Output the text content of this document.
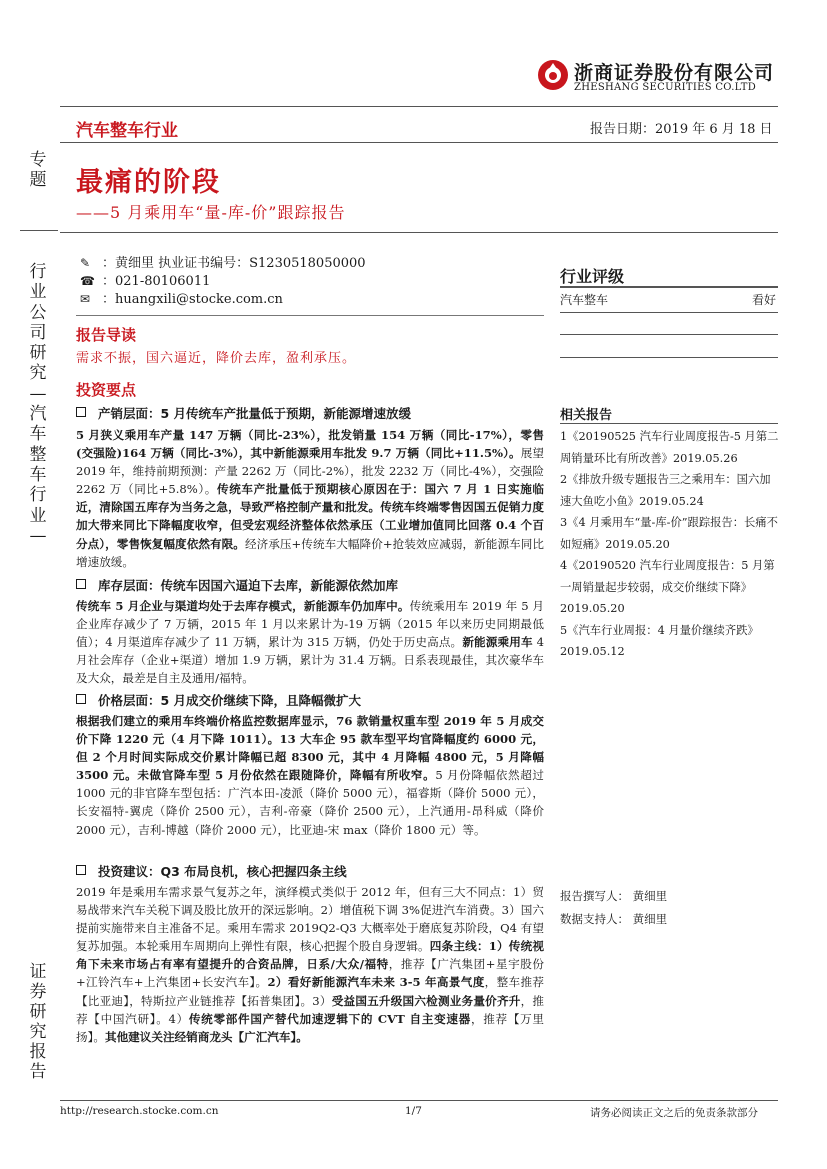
浙商证券股份有限公司
ZHESHANG SECURITIES CO.LTD
汽车整车行业	报告日期：2019 年 6 月 18 日
专题
行业公司研究—汽车整车行业—
证券研究报告
最痛的阶段
——5 月乘用车“量-库-价”跟踪报告
✎ ：黄细里 执业证书编号：S1230518050000
☎ ：021-80106011
✉ ：huangxili@stocke.com.cn
行业评级
汽车整车	看好
报告导读
需求不振，国六逼近，降价去库，盈利承压。
投资要点
产销层面：5 月传统车产批量低于预期，新能源增速放缓
5 月狭义乘用车产量 147 万辆（同比-23%），批发销量 154 万辆（同比-17%），零售(交强险)164 万辆（同比-3%），其中新能源乘用车批发 9.7 万辆（同比+11.5%）。展望 2019 年，维持前期预测：产量 2262 万（同比-2%），批发 2232 万（同比-4%），交强险 2262 万（同比+5.8%）。传统车产批量低于预期核心原因在于：国六 7 月 1 日实施临近，清除国五库存为当务之急，导致严格控制产量和批发。传统车终端零售因国五促销力度加大带来同比下降幅度收窄，但受宏观经济整体依然承压（工业增加值同比回落 0.4 个百分点），零售恢复幅度依然有限。经济承压+传统车大幅降价+抢装效应减弱，新能源车同比增速放缓。
库存层面：传统车因国六逼迫下去库，新能源依然加库
传统车 5 月企业与渠道均处于去库存模式，新能源车仍加库中。传统乘用车 2019 年 5 月企业库存减少了 7 万辆，2015 年 1 月以来累计为-19 万辆（2015 年以来历史同期最低值）；4 月渠道库存减少了 11 万辆，累计为 315 万辆，仍处于历史高点。新能源乘用车 4 月社会库存（企业+渠道）增加 1.9 万辆，累计为 31.4 万辆。日系表现最佳，其次豪华车及大众，最差是自主及通用/福特。
价格层面：5 月成交价继续下降，且降幅微扩大
根据我们建立的乘用车终端价格监控数据库显示，76 款销量权重车型 2019 年 5 月成交价下降 1220 元（4 月下降 1011）。13 大车企 95 款车型平均官降幅度约 6000 元，但 2 个月时间实际成交价累计降幅已超 8300 元，其中 4 月降幅 4800 元，5 月降幅 3500 元。未做官降车型 5 月份依然在跟随降价，降幅有所收窄。5 月份降幅依然超过 1000 元的非官降车型包括：广汽本田-凌派（降价 5000 元），福睿斯（降价 5000 元），长安福特-翼虎（降价 2500 元），吉利-帝豪（降价 2500 元），上汽通用-昂科威（降价 2000 元），吉利-博越（降价 2000 元），比亚迪-宋 max（降价 1800 元）等。
投资建议：Q3 布局良机，核心把握四条主线
2019 年是乘用车需求景气复苏之年，演绎模式类似于 2012 年，但有三大不同点：1）贸易战带来汽车关税下调及股比放开的深远影响。2）增值税下调 3%促进汽车消费。3）国六提前实施带来自主准备不足。乘用车需求 2019Q2-Q3 大概率处于磨底复苏阶段，Q4 有望复苏加强。本轮乘用车周期向上弹性有限，核心把握个股自身逻辑。四条主线：1）传统视角下未来市场占有率有望提升的合资品牌，日系/大众/福特，推荐【广汽集团+星宇股份+江铃汽车+上汽集团+长安汽车】。2）看好新能源汽车未来 3-5 年高景气度，整车推荐【比亚迪】，特斯拉产业链推荐【拓普集团】。3）受益国五升级国六检测业务量价齐升，推荐【中国汽研】。4）传统零部件国产替代加速逻辑下的 CVT 自主变速器，推荐【万里扬】。其他建议关注经销商龙头【广汇汽车】。
相关报告
1《20190525 汽车行业周度报告-5 月第二周销量环比有所改善》2019.05.26
2《排放升级专题报告三之乘用车：国六加速大鱼吃小鱼》2019.05.24
3《4 月乘用车“量-库-价”跟踪报告：长痛不如短痛》2019.05.20
4《20190520 汽车行业周度报告：5 月第一周销量起步较弱，成交价继续下降》2019.05.20
5《汽车行业周报：4 月量价继续齐跌》2019.05.12
报告撰写人： 黄细里
数据支持人： 黄细里
http://research.stocke.com.cn	1/7	请务必阅读正文之后的免责条款部分
